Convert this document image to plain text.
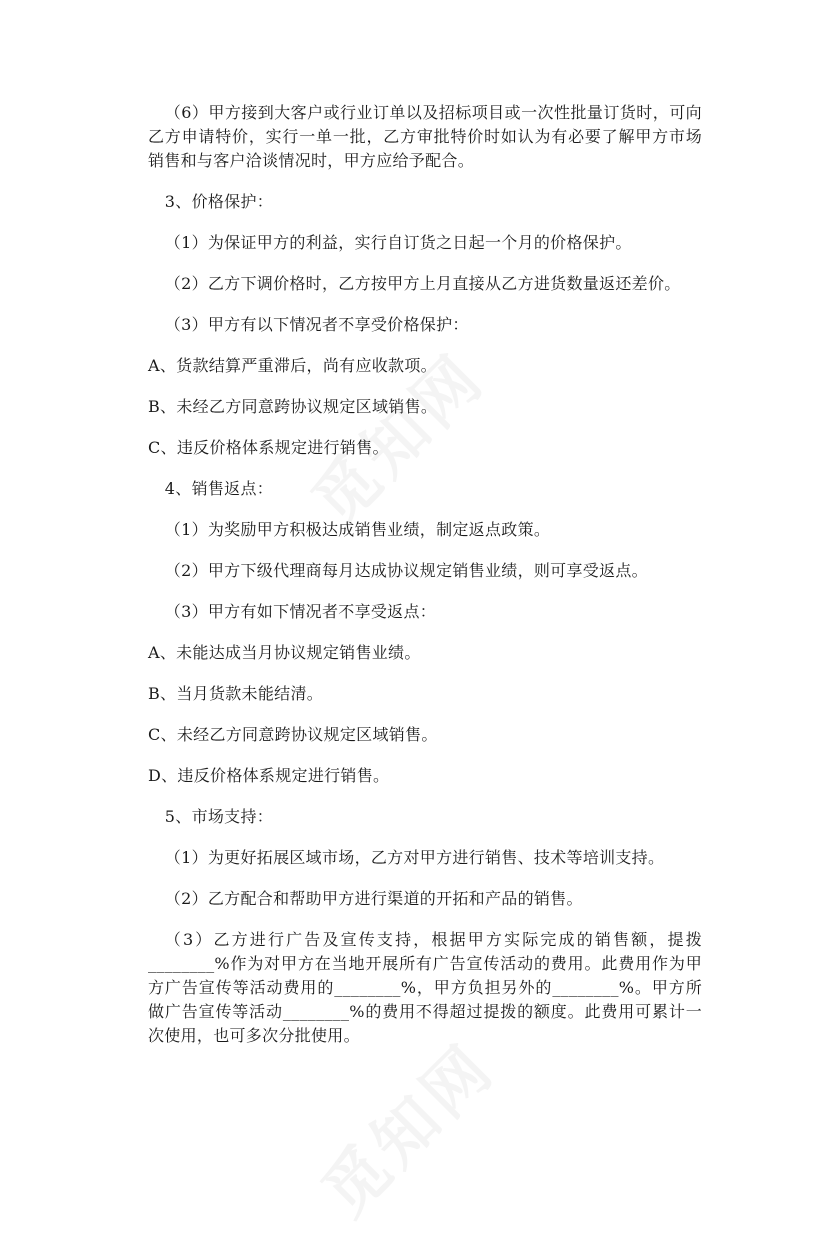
（6）甲方接到大客户或行业订单以及招标项目或一次性批量订货时，可向乙方申请特价，实行一单一批，乙方审批特价时如认为有必要了解甲方市场销售和与客户洽谈情况时，甲方应给予配合。

3、价格保护：

（1）为保证甲方的利益，实行自订货之日起一个月的价格保护。

（2）乙方下调价格时，乙方按甲方上月直接从乙方进货数量返还差价。

（3）甲方有以下情况者不享受价格保护：

A、货款结算严重滞后，尚有应收款项。

B、未经乙方同意跨协议规定区域销售。

C、违反价格体系规定进行销售。

4、销售返点：

（1）为奖励甲方积极达成销售业绩，制定返点政策。

（2）甲方下级代理商每月达成协议规定销售业绩，则可享受返点。

（3）甲方有如下情况者不享受返点：

A、未能达成当月协议规定销售业绩。

B、当月货款未能结清。

C、未经乙方同意跨协议规定区域销售。

D、违反价格体系规定进行销售。

5、市场支持：

（1）为更好拓展区域市场，乙方对甲方进行销售、技术等培训支持。

（2）乙方配合和帮助甲方进行渠道的开拓和产品的销售。

（3）乙方进行广告及宣传支持，根据甲方实际完成的销售额，提拨________%作为对甲方在当地开展所有广告宣传活动的费用。此费用作为甲方广告宣传等活动费用的________%，甲方负担另外的________%。甲方所做广告宣传等活动________%的费用不得超过提拨的额度。此费用可累计一次使用，也可多次分批使用。
